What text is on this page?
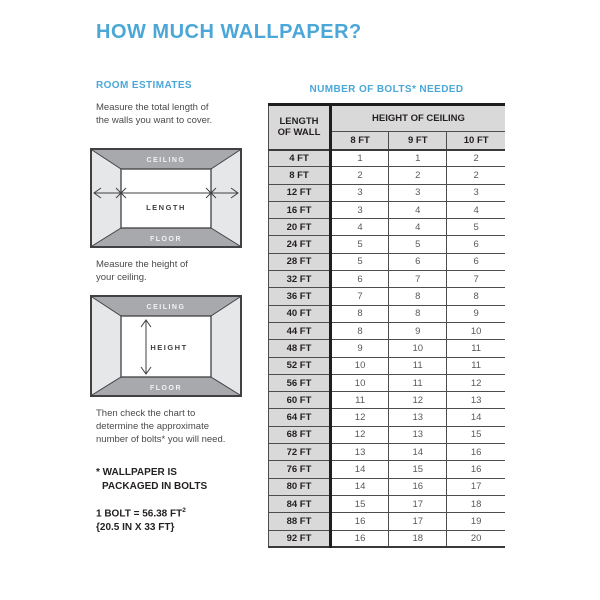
HOW MUCH WALLPAPER?
ROOM ESTIMATES
Measure the total length of
the walls you want to cover.
CEILING
LENGTH
FLOOR
Measure the height of
your ceiling.
CEILING
HEIGHT
FLOOR
Then check the chart to
determine the approximate
number of bolts* you will need.
* WALLPAPER IS
PACKAGED IN BOLTS
1 BOLT = 56.38 $FT^2$
{20.5 IN X 33 FT}
NUMBER OF BOLTS* NEEDED
LENGTH
OF WALL	HEIGHT OF CEILING		
	8 FT	9 FT	10 FT
4 FT	1	1	2
8 FT	2	2	2
12 FT	3	3	3
16 FT	3	4	4
20 FT	4	4	5
24 FT	5	5	6
28 FT	5	6	6
32 FT	6	7	7
36 FT	7	8	8
40 FT	8	8	9
44 FT	8	9	10
48 FT	9	10	11
52 FT	10	11	11
56 FT	10	11	12
60 FT	11	12	13
64 FT	12	13	14
68 FT	12	13	15
72 FT	13	14	16
76 FT	14	15	16
80 FT	14	16	17
84 FT	15	17	18
88 FT	16	17	19
92 FT	16	18	20
